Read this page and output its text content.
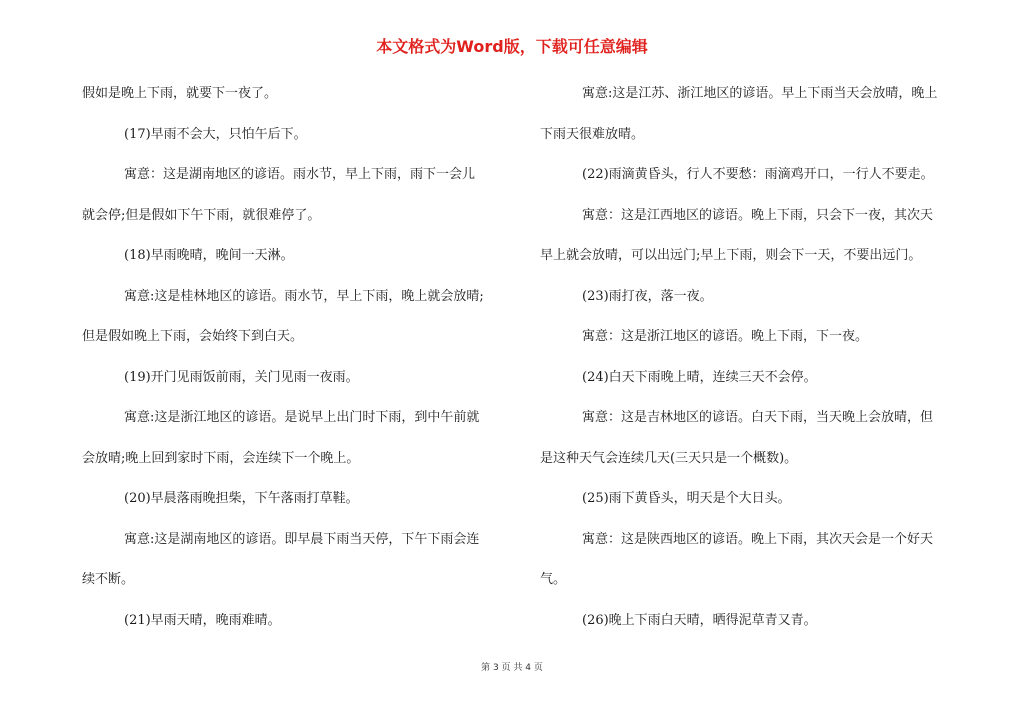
本文格式为Word版，下载可任意编辑
假如是晚上下雨，就要下一夜了。
(17)早雨不会大，只怕午后下。
寓意：这是湖南地区的谚语。雨水节，早上下雨，雨下一会儿
就会停;但是假如下午下雨，就很难停了。
(18)早雨晚晴，晚间一天淋。
寓意:这是桂林地区的谚语。雨水节，早上下雨，晚上就会放晴;
但是假如晚上下雨，会始终下到白天。
(19)开门见雨饭前雨，关门见雨一夜雨。
寓意:这是浙江地区的谚语。是说早上出门时下雨，到中午前就
会放晴;晚上回到家时下雨，会连续下一个晚上。
(20)早晨落雨晚担柴，下午落雨打草鞋。
寓意:这是湖南地区的谚语。即早晨下雨当天停，下午下雨会连
续不断。
(21)早雨天晴，晚雨难晴。
寓意:这是江苏、浙江地区的谚语。早上下雨当天会放晴，晚上
下雨天很难放晴。
(22)雨滴黄昏头，行人不要愁：雨滴鸡开口，一行人不要走。
寓意：这是江西地区的谚语。晚上下雨，只会下一夜，其次天
早上就会放晴，可以出远门;早上下雨，则会下一天，不要出远门。
(23)雨打夜，落一夜。
寓意：这是浙江地区的谚语。晚上下雨，下一夜。
(24)白天下雨晚上晴，连续三天不会停。
寓意：这是吉林地区的谚语。白天下雨，当天晚上会放晴，但
是这种天气会连续几天(三天只是一个概数)。
(25)雨下黄昏头，明天是个大日头。
寓意：这是陕西地区的谚语。晚上下雨，其次天会是一个好天
气。
(26)晚上下雨白天晴，晒得泥草青又青。
第 3 页 共 4 页
